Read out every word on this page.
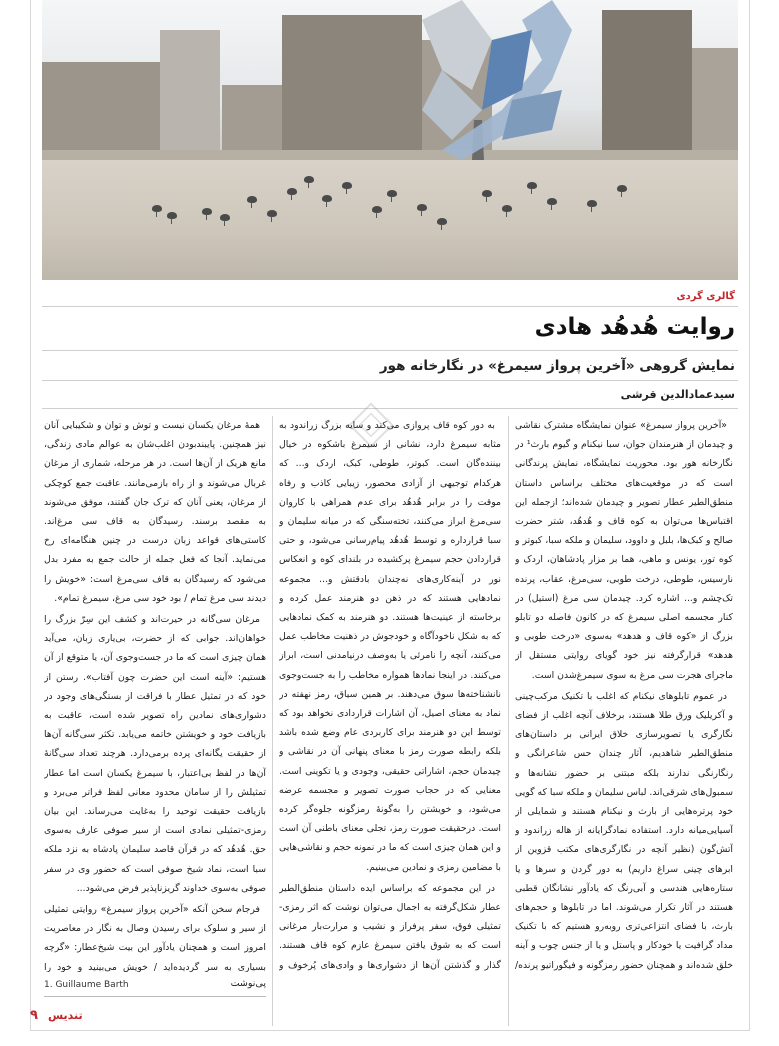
گالری گردی
روایت هُدهُد هادی
نمایش گروهی «آخرین پرواز سیمرغ» در نگارخانه هور
سیدعمادالدین قرشی

«آخرین پرواز سیمرغ» عنوان نمایشگاه مشترک نقاشی و چیدمان از هنرمندان جوان، سبا نیکنام و گیوم بارث¹ در نگارخانه هور بود. محوریت نمایشگاه، نمایش پرندگانی است که در موقعیت‌های مختلف براساس داستان منطق‌الطیر عطار تصویر و چیدمان شده‌اند؛ ازجمله این اقتباس‌ها می‌توان به کوه قاف و هُدهُد، شتر حضرت صالح و کبک‌ها، بلبل و داوود، سلیمان و ملکه سبا، کبوتر و کوه تور، یونس و ماهی، هما بر مزار پادشاهان، اردک و نارسیس، طوطی، درخت طوبی، سی‌مرغ، عقاب، پرنده تک‌چشم و... اشاره کرد. چیدمان سی مرغ (استیل) در کنار مجسمه اصلی سیمرغ که در کانون فاصله دو تابلو بزرگ از «کوه قاف و هدهد» به‌سوی «درخت طوبی و هدهد» قرارگرفته نیز خود گویای روایتی مستقل از ماجرای هجرت سی مرغ به سوی سیمرغ‌شدن است.

در عموم تابلوهای نیکنام که اغلب با تکنیک مرکب‌چینی و آکریلیک ورق طلا هستند، برخلاف آنچه اغلب از فضای نگارگری یا تصویرسازی خلاق ایرانی بر داستان‌های منطق‌الطیر شاهدیم، آثار چندان حس شاعرانگی و رنگارنگی ندارند بلکه مبتنی بر حضور نشانه‌ها و سمبول‌های شرقی‌اند. لباس سلیمان و ملکه سبا که گویی خود پرتره‌هایی از بارث و نیکنام هستند و شمایلی از آسیایی‌میانه دارد. استفاده نمادگرایانه از هاله زراندود و آتش‌گون (نظیر آنچه در نگارگری‌های مکتب قزوین از ابرهای چینی سراغ داریم) به دور گردن و سرها و یا ستاره‌هایی هندسی و آبی‌رنگ که یادآور نشانگان قطبی هستند در آثار تکرار می‌شوند. اما در تابلوها و حجم‌های بارث، با فضای انتزاعی‌تری روبه‌رو هستیم که با تکنیک مداد گرافیت یا خودکار و پاستل و یا از جنس چوب و آینه خلق شده‌اند و همچنان حضور رمزگونه و فیگوراتیو پرنده/

به دور کوه قاف پروازی می‌کند و سایه بزرگ زراندود به مثابه سیمرغ دارد، نشانی از سیمرغ باشکوه در خیال بیننده‌گان است. کبوتر، طوطی، کبک، اردک و... که هرکدام توجیهی از آزادی محصور، زیبایی کاذب و رفاه موقت را در برابر هُدهُد برای عدم همراهی با کاروان سی‌مرغ ابراز می‌کنند، تخته‌سنگی که در میانه سلیمان و سبا قرارداره و توسط هُدهُد پیام‌رسانی می‌شود، و حتی قراردادن حجم سیمرغ پرکشیده در بلندای کوه و انعکاس نور در آینه‌کاری‌های نه‌چندان بادقتش و... مجموعه نمادهایی هستند که در ذهن دو هنرمند عمل کرده و برخاسته از عینیت‌ها هستند. دو هنرمند به کمک نمادهایی که به شکل ناخودآگاه و خودجوش در ذهنیت مخاطب عمل می‌کنند، آنچه را نامرئی یا به‌وصف درنیامدنی است، ابراز می‌کنند. در اینجا نمادها همواره مخاطب را به جست‌وجوی نانشناخته‌ها سوق می‌دهند. بر همین سیاق، رمز نهفته در نماد به معنای اصیل، آن اشارات قراردادی نخواهد بود که توسط این دو هنرمند برای کاربردی عام وضع شده باشد بلکه رابطه صورت رمز با معنای پنهانی آن در نقاشی و چیدمان حجم، اشاراتی حقیقی، وجودی و یا تکوینی است. معنایی که در حجاب صورت تصویر و مجسمه عرضه می‌شود، و خویشتن را به‌گونهٔ رمزگونه جلوه‌گر کرده است. درحقیقت صورت رمز، تجلی معنای باطنی آن است و این همان چیزی است که ما در نمونه حجم و نقاشی‌هایی با مضامین رمزی و نمادین می‌بینیم.

در این مجموعه که براساس ایده داستان منطق‌الطیر عطار شکل‌گرفته به اجمال می‌توان نوشت که اثر رمزی-تمثیلی فوق، سفر پرفراز و نشیب و مرارت‌بار مرغانی است که به شوق یافتن سیمرغ عازم کوه قاف هستند. گذار و گذشتن آن‌ها از دشواری‌ها و وادی‌های پُرخوف و

همهٔ مرغان یکسان نیست و توش و توان و شکیبایی آنان نیز همچنین. پایبندبودن اغلب‌شان به عوالم مادی زندگی، مانع هریک از آن‌ها است. در هر مرحله، شماری از مرغان غربال می‌شوند و از راه بازمی‌مانند. عاقبت جمع کوچکی از مرغان، یعنی آنان که ترک جان گفتند، موفق می‌شوند به مقصد برسند. رسیدگان به قاف سی مرغ‌اند. کاستی‌های قواعد زبان درست در چنین هنگامه‌ای رخ می‌نماید. آنجا که فعل جمله از حالت جمع به مفرد بدل می‌شود که رسیدگان به قاف سی‌مرغ است: «خویش را دیدند سی مرغ تمام / بود خود سی مرغ، سیمرغ تمام».

مرغان سی‌گانه در حیرت‌اند و کشف این سِرّ بزرگ را خواهان‌اند. جوابی که از حضرت، بی‌یاری زبان، می‌آید همان چیزی است که ما در جست‌وجوی آن، یا متوقع از آن هستیم: «آینه است این حضرت چون آفتاب». رستن از خود که در تمثیل عطار با فراقت از بستگی‌های وجود در دشواری‌های نمادین راه تصویر شده است، عاقبت به بازیافت خود و خویشتن خاتمه می‌یابد. تکثر سی‌گانه آن‌ها از حقیقت یگانه‌ای پرده برمی‌دارد. هرچند تعداد سی‌گانهٔ آن‌ها در لفظ بی‌اعتبار، با سیمرغ یکسان است اما عطار تمثیلش را از سامان محدود معانی لفظ فراتر می‌برد و بازیافت حقیقت توحید را به‌غایت می‌رساند. این بیان رمزی-تمثیلی نمادی است از سیر صوفی عارف به‌سوی حق. هُدهُد که در قرآن قاصد سلیمان پادشاه به نزد ملکه سبا است، نماد شیخ صوفی است که حضور وی در سفر صوفی به‌سوی خداوند گریزناپذیر فرض می‌شود...

فرجام سخن آنکه «آخرین پرواز سیمرغ» روایتی تمثیلی از سیر و سلوک برای رسیدن وصال به نگار در معاصریت امروز است و همچنان یادآور این بیت شیخ‌عطار: «گرچه بسیاری به سر گردیده‌اید / خویش می‌بینید و خود را

پی‌نوشت
1. Guillaume Barth
تندیس
۹
